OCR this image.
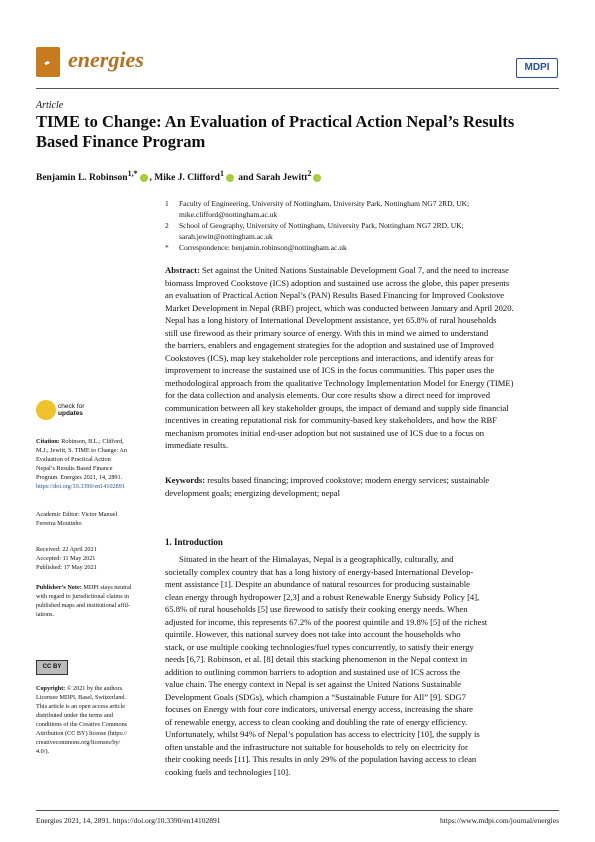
energies	MDPI
Article
TIME to Change: An Evaluation of Practical Action Nepal’s Results Based Finance Program
Benjamin L. Robinson$^{1,*}$ , Mike J. Clifford$^1$ and Sarah Jewitt$^2$
1	Faculty of Engineering, University of Nottingham, University Park, Nottingham NG7 2RD, UK;
mike.clifford@nottingham.ac.uk
2	School of Geography, University of Nottingham, University Park, Nottingham NG7 2RD, UK;
sarah.jewitt@nottingham.ac.uk
*	Correspondence: benjamin.robinson@nottingham.ac.uk
Abstract: Set against the United Nations Sustainable Development Goal 7, and the need to increase
biomass Improved Cookstove (ICS) adoption and sustained use across the globe, this paper presents
an evaluation of Practical Action Nepal’s (PAN) Results Based Financing for Improved Cookstove
Market Development in Nepal (RBF) project, which was conducted between January and April 2020.
Nepal has a long history of International Development assistance, yet 65.8% of rural households
still use firewood as their primary source of energy. With this in mind we aimed to understand
the barriers, enablers and engagement strategies for the adoption and sustained use of Improved
Cookstoves (ICS), map key stakeholder role perceptions and interactions, and identify areas for
improvement to increase the sustained use of ICS in the focus communities. This paper uses the
methodological approach from the qualitative Technology Implementation Model for Energy (TIME)
for the data collection and analysis elements. Our core results show a direct need for improved
communication between all key stakeholder groups, the impact of demand and supply side financial
incentives in creating reputational risk for community-based key stakeholders, and how the RBF
mechanism promotes initial end-user adoption but not sustained use of ICS due to a focus on
immediate results.
Keywords: results based financing; improved cookstove; modern energy services; sustainable
development goals; energizing development; nepal
check for
updates
Citation: Robinson, B.L.; Clifford,
M.J.; Jewitt, S. TIME to Change: An
Evaluation of Practical Action
Nepal’s Results Based Finance
Program. Energies 2021, 14, 2891.
https://doi.org/10.3390/en14102891
Academic Editor: Victor Manuel
Ferreira Moutinho
Received: 22 April 2021
Accepted: 11 May 2021
Published: 17 May 2021
Publisher’s Note: MDPI stays neutral
with regard to jurisdictional claims in
published maps and institutional affil-
iations.
CC BY
Copyright: © 2021 by the authors.
Licensee MDPI, Basel, Switzerland.
This article is an open access article
distributed under the terms and
conditions of the Creative Commons
Attribution (CC BY) license (https://
creativecommons.org/licenses/by/
4.0/).
1. Introduction
Situated in the heart of the Himalayas, Nepal is a geographically, culturally, and
societally complex country that has a long history of energy-based International Develop-
ment assistance [1]. Despite an abundance of natural resources for producing sustainable
clean energy through hydropower [2,3] and a robust Renewable Energy Subsidy Policy [4],
65.8% of rural households [5] use firewood to satisfy their cooking energy needs. When
adjusted for income, this represents 67.2% of the poorest quintile and 19.8% [5] of the richest
quintile. However, this national survey does not take into account the households who
stack, or use multiple cooking technologies/fuel types concurrently, to satisfy their energy
needs [6,7]. Robinson, et al. [8] detail this stacking phenomenon in the Nepal context in
addition to outlining common barriers to adoption and sustained use of ICS across the
value chain. The energy context in Nepal is set against the United Nations Sustainable
Development Goals (SDGs), which champion a “Sustainable Future for All” [9]. SDG7
focuses on Energy with four core indicators, universal energy access, increasing the share
of renewable energy, access to clean cooking and doubling the rate of energy efficiency.
Unfortunately, whilst 94% of Nepal’s population has access to electricity [10], the supply is
often unstable and the infrastructure not suitable for households to rely on electricity for
their cooking needs [11]. This results in only 29% of the population having access to clean
cooking fuels and technologies [10].
Energies 2021, 14, 2891. https://doi.org/10.3390/en14102891	https://www.mdpi.com/journal/energies
